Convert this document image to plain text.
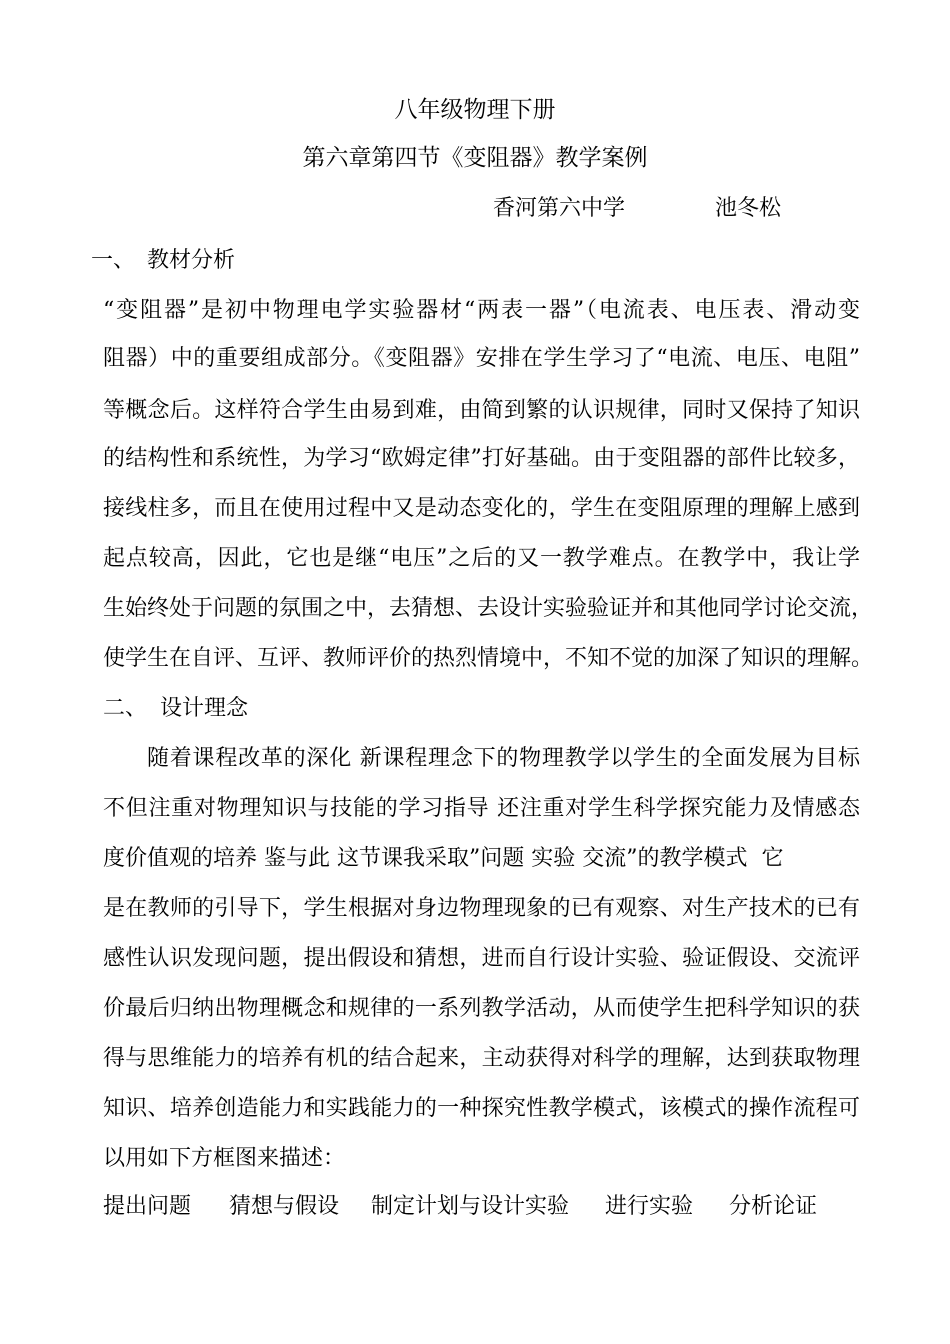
八年级物理下册
第六章第四节《变阻器》教学案例
香河第六中学	池冬松
一、 教材分析
“变阻器”是初中物理电学实验器材“两表一器”（电流表、电压表、滑动变
阻器）中的重要组成部分。《变阻器》安排在学生学习了“电流、电压、电阻”
等概念后。这样符合学生由易到难，由简到繁的认识规律，同时又保持了知识
的结构性和系统性，为学习“欧姆定律”打好基础。由于变阻器的部件比较多，
接线柱多，而且在使用过程中又是动态变化的，学生在变阻原理的理解上感到
起点较高，因此，它也是继“电压”之后的又一教学难点。在教学中，我让学
生始终处于问题的氛围之中，去猜想、去设计实验验证并和其他同学讨论交流，
使学生在自评、互评、教师评价的热烈情境中，不知不觉的加深了知识的理解。
二、 设计理念
随着课程改革的深化 新课程理念下的物理教学以学生的全面发展为目标
不但注重对物理知识与技能的学习指导 还注重对学生科学探究能力及情感态
度价值观的培养 鉴与此 这节课我采取”问题 实验 交流”的教学模式  它
是在教师的引导下，学生根据对身边物理现象的已有观察、对生产技术的已有
感性认识发现问题，提出假设和猜想，进而自行设计实验、验证假设、交流评
价最后归纳出物理概念和规律的一系列教学活动，从而使学生把科学知识的获
得与思维能力的培养有机的结合起来，主动获得对科学的理解，达到获取物理
知识、培养创造能力和实践能力的一种探究性教学模式，该模式的操作流程可
以用如下方框图来描述：
提出问题 猜想与假设 制定计划与设计实验 进行实验 分析论证
